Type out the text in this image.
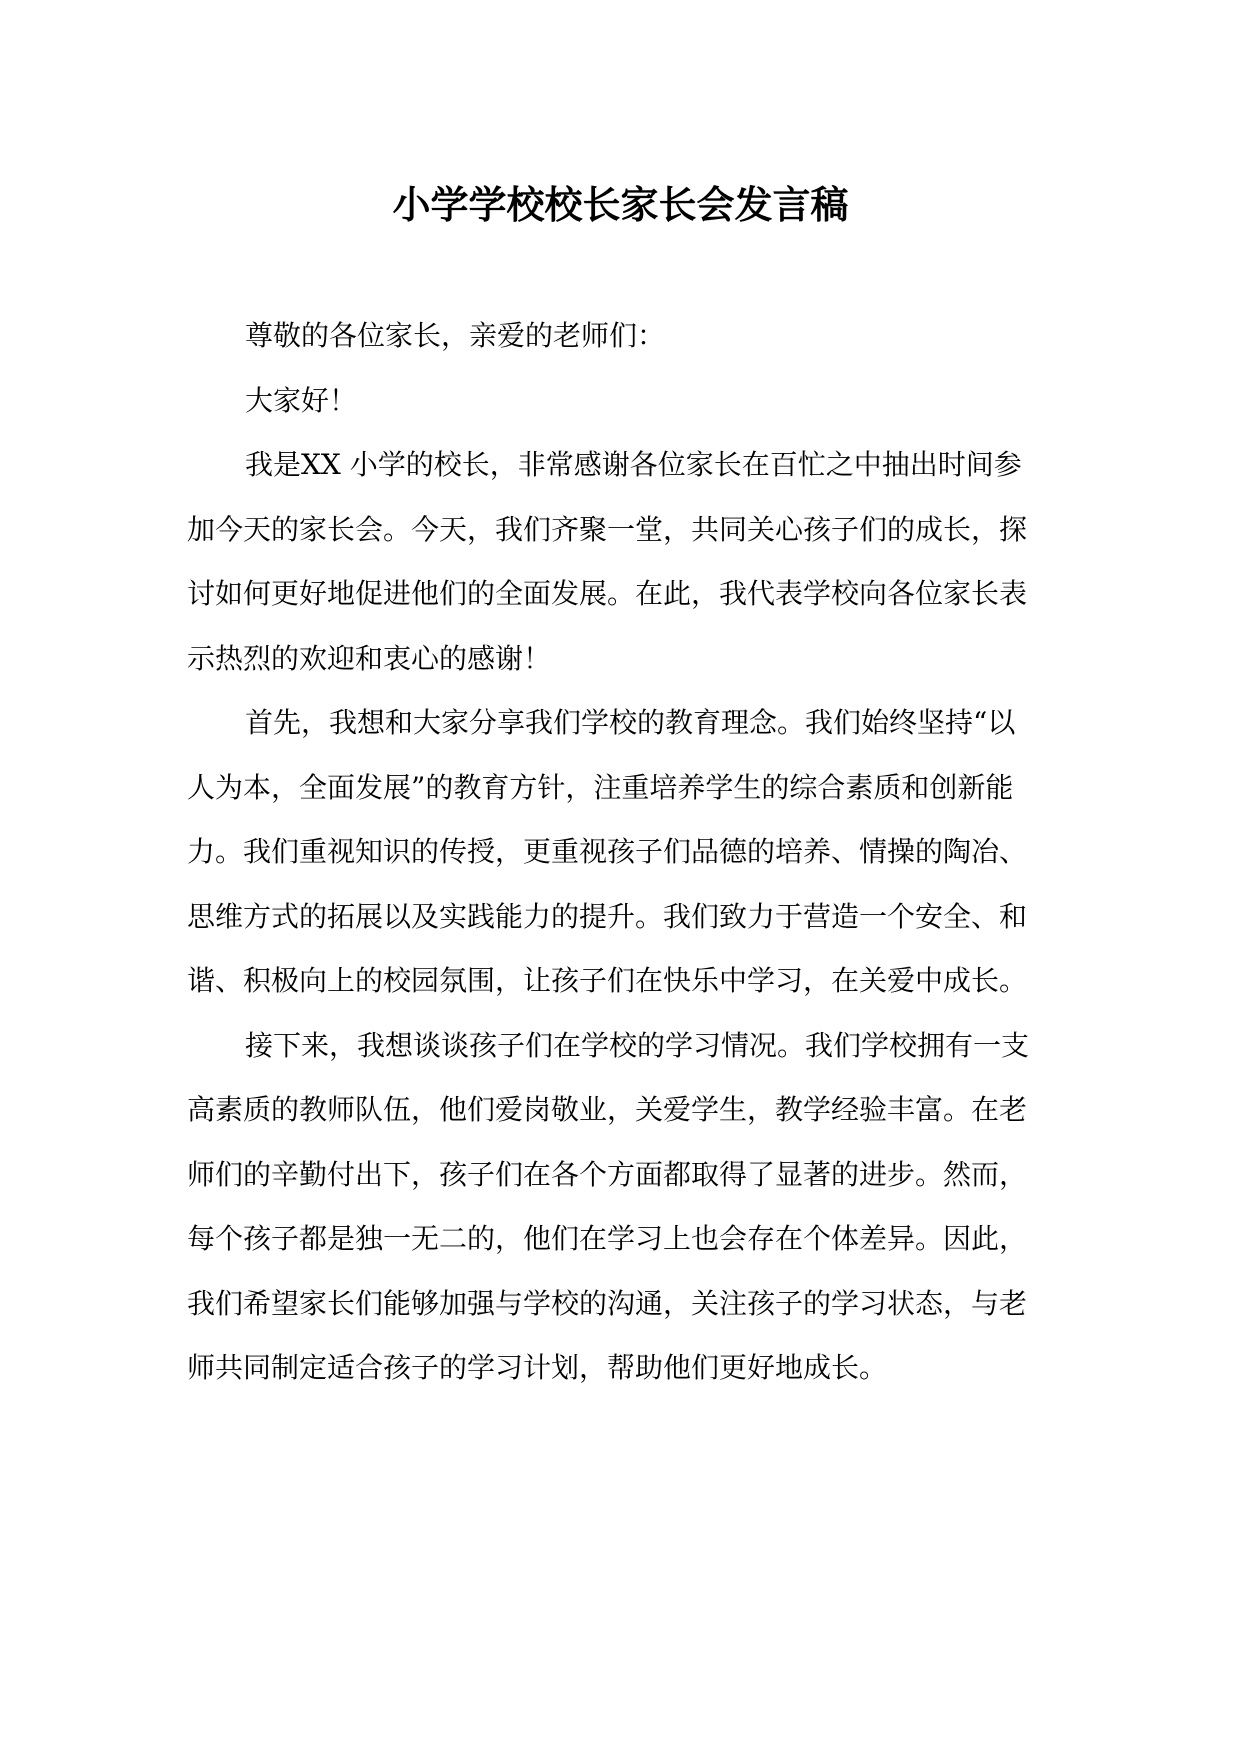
小学学校校长家长会发言稿
尊敬的各位家长，亲爱的老师们：
大家好！
我是XX 小学的校长，非常感谢各位家长在百忙之中抽出时间参
加今天的家长会。今天，我们齐聚一堂，共同关心孩子们的成长，探
讨如何更好地促进他们的全面发展。在此，我代表学校向各位家长表
示热烈的欢迎和衷心的感谢！
首先，我想和大家分享我们学校的教育理念。我们始终坚持“以
人为本，全面发展”的教育方针，注重培养学生的综合素质和创新能
力。我们重视知识的传授，更重视孩子们品德的培养、情操的陶冶、
思维方式的拓展以及实践能力的提升。我们致力于营造一个安全、和
谐、积极向上的校园氛围，让孩子们在快乐中学习，在关爱中成长。
接下来，我想谈谈孩子们在学校的学习情况。我们学校拥有一支
高素质的教师队伍，他们爱岗敬业，关爱学生，教学经验丰富。在老
师们的辛勤付出下，孩子们在各个方面都取得了显著的进步。然而，
每个孩子都是独一无二的，他们在学习上也会存在个体差异。因此，
我们希望家长们能够加强与学校的沟通，关注孩子的学习状态，与老
师共同制定适合孩子的学习计划，帮助他们更好地成长。
